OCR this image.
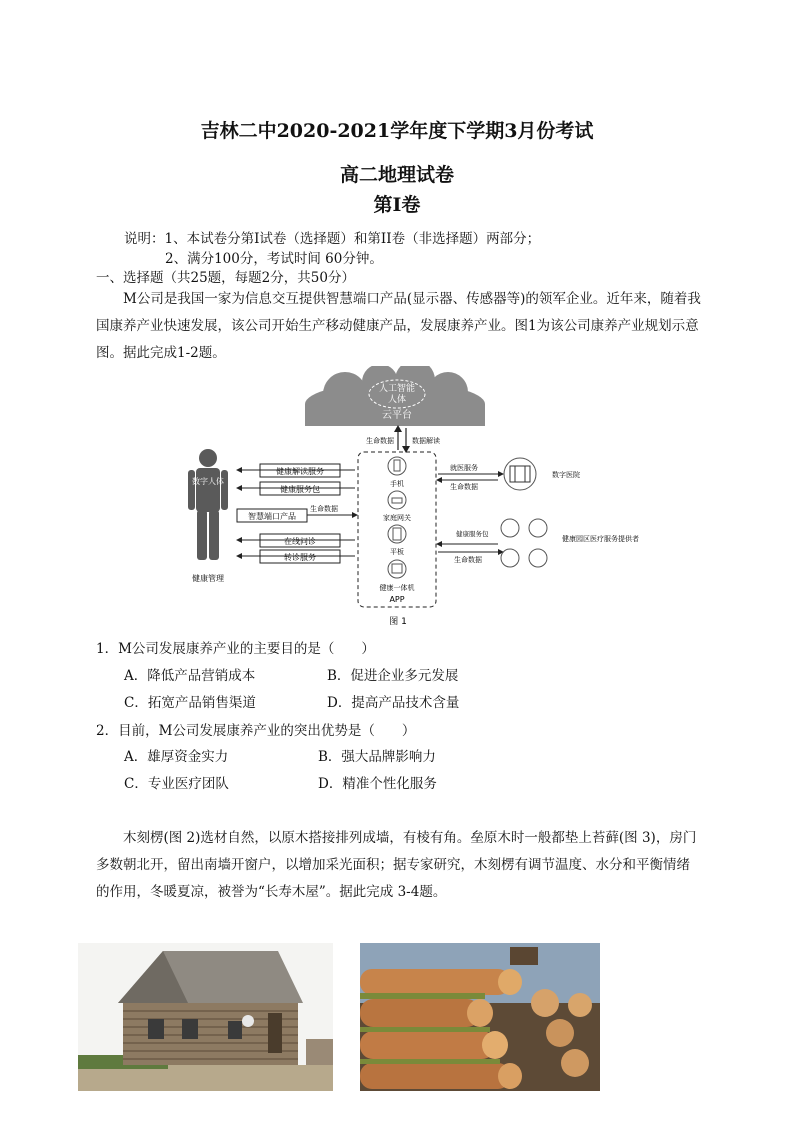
吉林二中2020-2021学年度下学期3月份考试
高二地理试卷
第Ⅰ卷
说明：1、本试卷分第Ⅰ试卷（选择题）和第II卷（非选择题）两部分；
2、满分100分，考试时间 60分钟。
一、选择题（共25题，每题2分，共50分）
M公司是我国一家为信息交互提供智慧端口产品(显示器、传感器等)的领军企业。近年来，随着我国康养产业快速发展，该公司开始生产移动健康产品，发展康养产业。图1为该公司康养产业规划示意图。据此完成1-2题。
人工智能
人体
云平台
生命数据	数据解读
数字人体
健康管理
健康解读服务
健康服务包
智慧端口产品
在线问诊
转诊服务
生命数据
手机
家庭网关
平板
健康一体机
APP
就医服务
生命数据
数字医院
健康服务包
生命数据
健康园区医疗服务提供者
图 1
1．M公司发展康养产业的主要目的是（　　）
A．降低产品营销成本	B．促进企业多元发展
C．拓宽产品销售渠道	D．提高产品技术含量
2．目前，M公司发展康养产业的突出优势是（　　）
A．雄厚资金实力	B．强大品牌影响力
C．专业医疗团队	D．精准个性化服务
木刻楞(图 2)选材自然，以原木搭接排列成墙，有棱有角。垒原木时一般都垫上苔藓(图 3)，房门多数朝北开，留出南墙开窗户，以增加采光面积；据专家研究，木刻楞有调节温度、水分和平衡情绪的作用，冬暖夏凉，被誉为“长寿木屋”。据此完成 3-4题。
